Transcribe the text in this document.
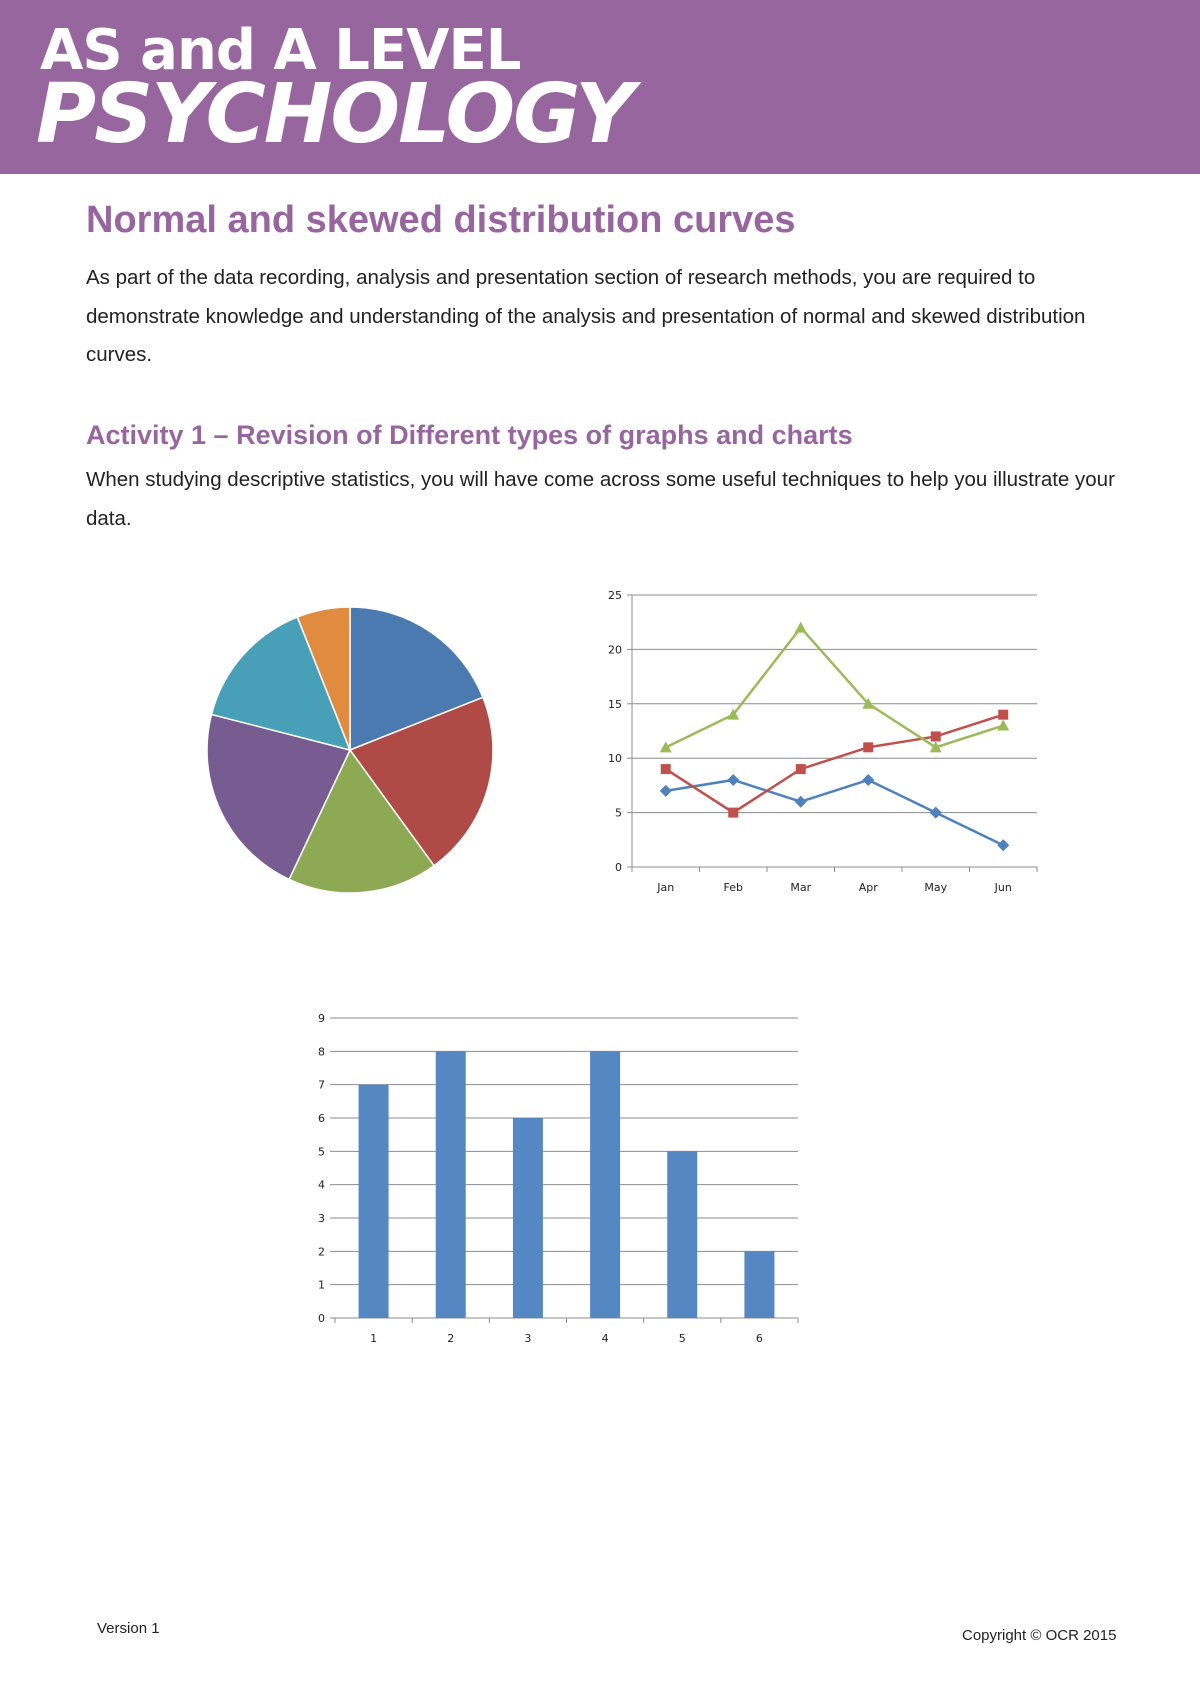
AS and A LEVEL
PSYCHOLOGY
Normal and skewed distribution curves
As part of the data recording, analysis and presentation section of research methods, you are required to demonstrate knowledge and understanding of the analysis and presentation of normal and skewed distribution curves.
Activity 1 – Revision of Different types of graphs and charts
When studying descriptive statistics, you will have come across some useful techniques to help you illustrate your data.
0
5
10
15
20
25
Jan	Feb	Mar	Apr	May	Jun
0
1
2
3
4
5
6
7
8
9
1	2	3	4	5	6
Version 1	Copyright © OCR 2015
